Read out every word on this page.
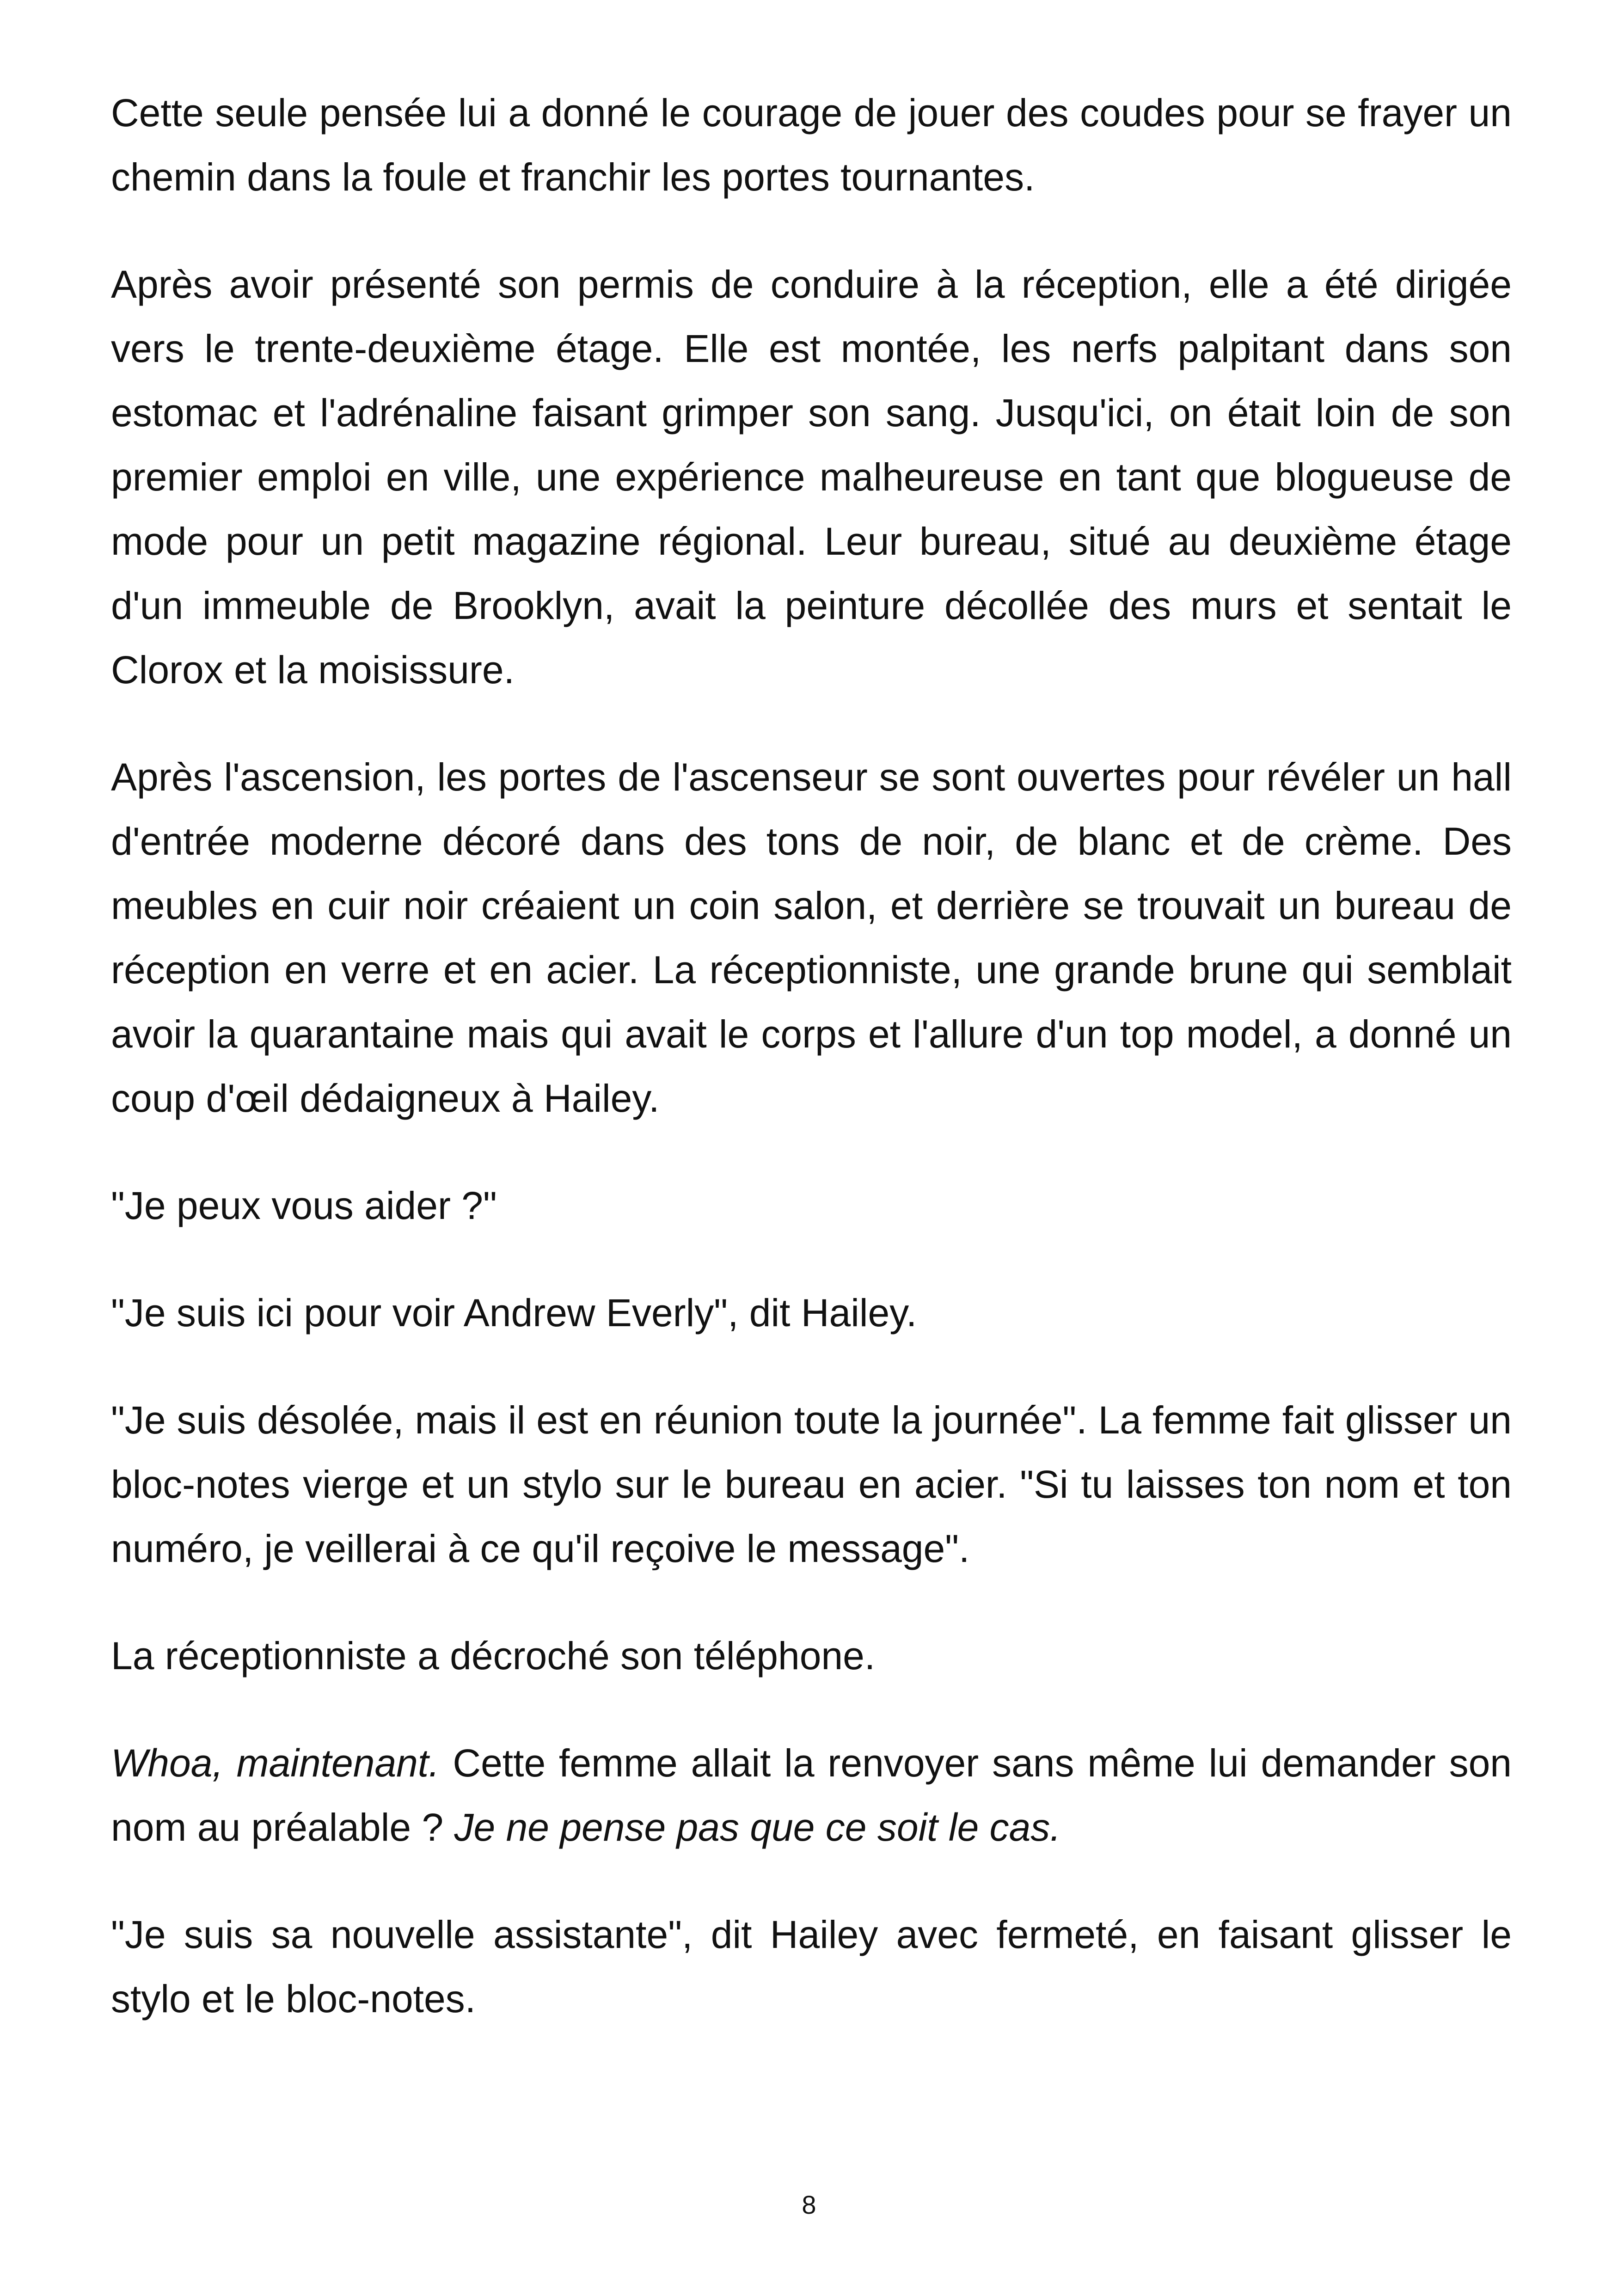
Cette seule pensée lui a donné le courage de jouer des coudes pour se frayer un chemin dans la foule et franchir les portes tournantes.

Après avoir présenté son permis de conduire à la réception, elle a été dirigée vers le trente-deuxième étage. Elle est montée, les nerfs palpitant dans son estomac et l'adrénaline faisant grimper son sang. Jusqu'ici, on était loin de son premier emploi en ville, une expérience malheureuse en tant que blogueuse de mode pour un petit magazine régional. Leur bureau, situé au deuxième étage d'un immeuble de Brooklyn, avait la peinture décollée des murs et sentait le Clorox et la moisissure.

Après l'ascension, les portes de l'ascenseur se sont ouvertes pour révéler un hall d'entrée moderne décoré dans des tons de noir, de blanc et de crème. Des meubles en cuir noir créaient un coin salon, et derrière se trouvait un bureau de réception en verre et en acier. La réceptionniste, une grande brune qui semblait avoir la quarantaine mais qui avait le corps et l'allure d'un top model, a donné un coup d'œil dédaigneux à Hailey.

"Je peux vous aider ?"

"Je suis ici pour voir Andrew Everly", dit Hailey.

"Je suis désolée, mais il est en réunion toute la journée". La femme fait glisser un bloc-notes vierge et un stylo sur le bureau en acier. "Si tu laisses ton nom et ton numéro, je veillerai à ce qu'il reçoive le message".

La réceptionniste a décroché son téléphone.

Whoa, maintenant. Cette femme allait la renvoyer sans même lui demander son nom au préalable ? Je ne pense pas que ce soit le cas.

"Je suis sa nouvelle assistante", dit Hailey avec fermeté, en faisant glisser le stylo et le bloc-notes.

8
